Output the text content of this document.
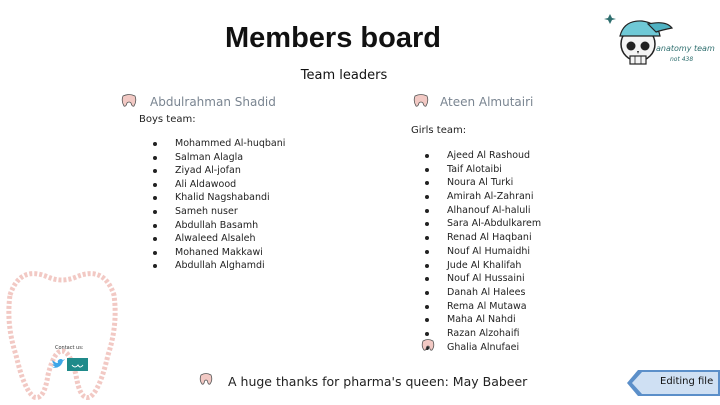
Members board
Team leaders
anatomy team
not 438
Abdulrahman Shadid	Ateen Almutairi
Boys team:
Mohammed Al-huqbani
Salman Alagla
Ziyad Al-jofan
Ali Aldawood
Khalid Nagshabandi
Sameh nuser
Abdullah Basamh
Alwaleed Alsaleh
Mohaned Makkawi
Abdullah Alghamdi
Girls team:
Ajeed Al Rashoud
Taif Alotaibi
Noura Al Turki
Amirah Al-Zahrani
Alhanouf Al-haluli
Sara Al-Abdulkarem
Renad Al Haqbani
Nouf Al Humaidhi
Jude Al Khalifah
Nouf Al Hussaini
Danah Al Halees
Rema Al Mutawa
Maha Al Nahdi
Razan Alzohaifi
Ghalia Alnufaei
Contact us:
A huge thanks for pharma's queen: May Babeer	Editing file
